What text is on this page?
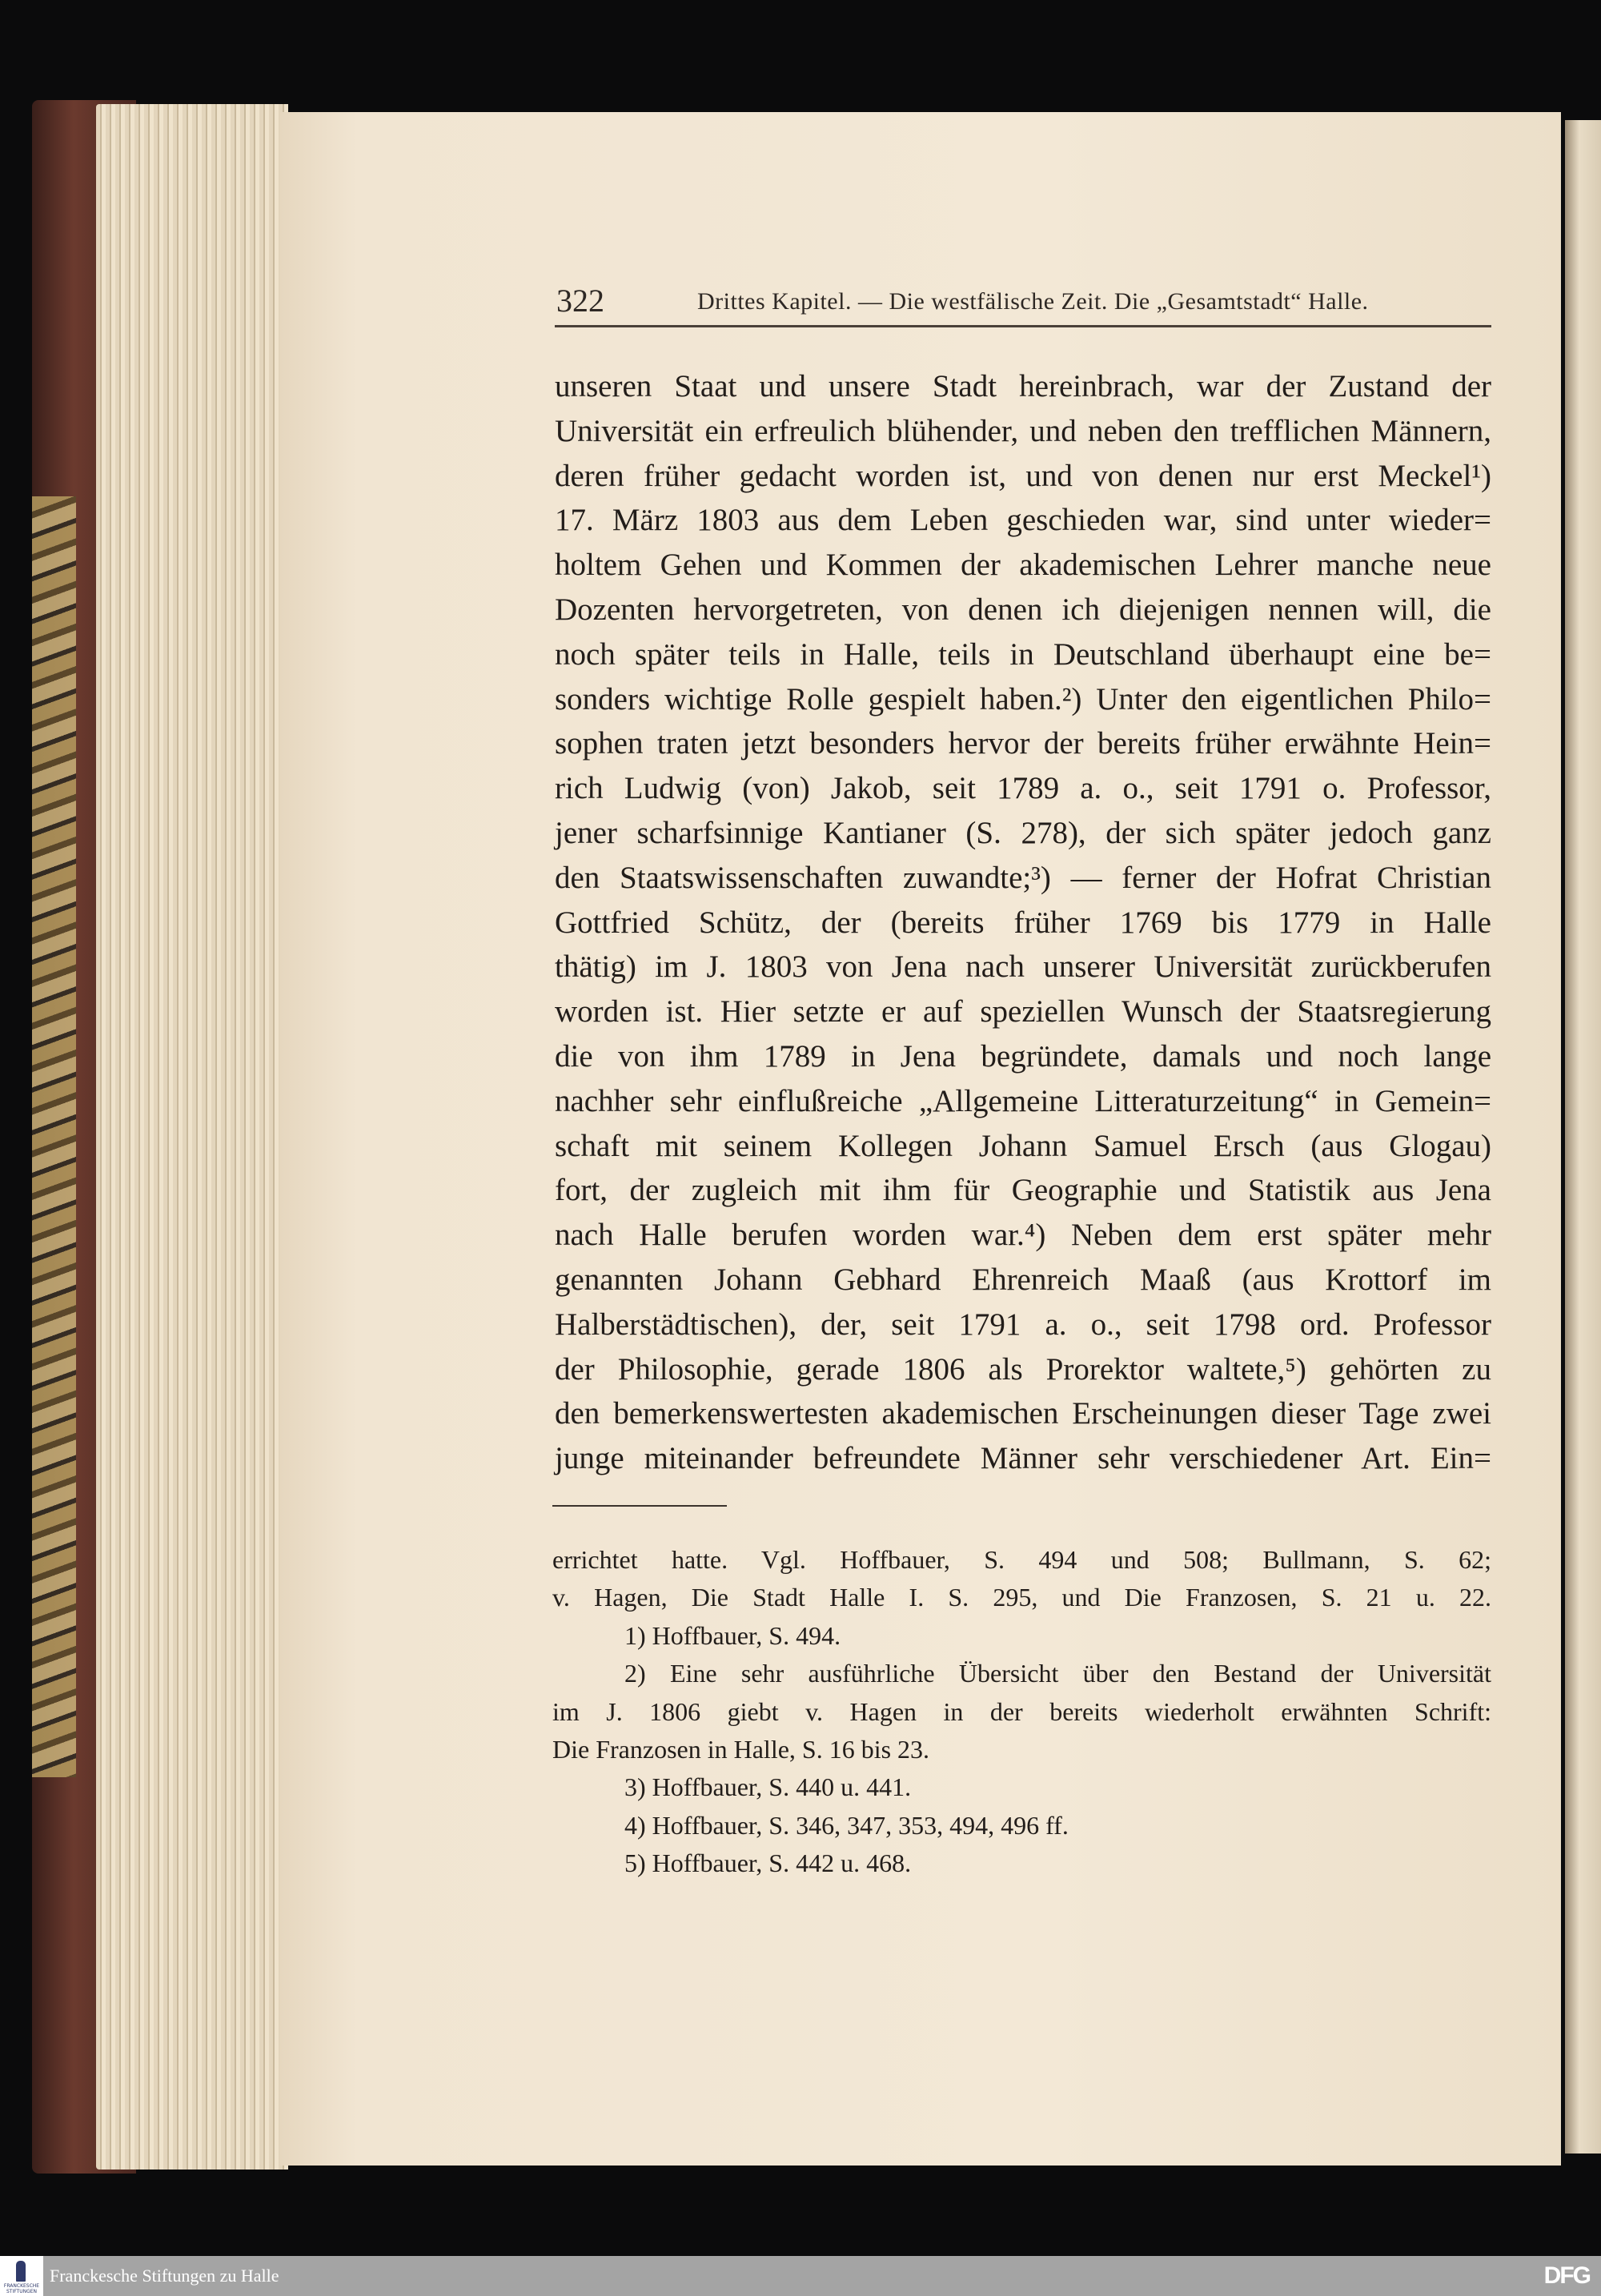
322	Drittes Kapitel. — Die westfälische Zeit. Die „Gesamtstadt“ Halle.
unseren Staat und unsere Stadt hereinbrach, war der Zustand der
Universität ein erfreulich blühender, und neben den trefflichen Männern,
deren früher gedacht worden ist, und von denen nur erst Meckel¹)
17. März 1803 aus dem Leben geschieden war, sind unter wieder=
holtem Gehen und Kommen der akademischen Lehrer manche neue
Dozenten hervorgetreten, von denen ich diejenigen nennen will, die
noch später teils in Halle, teils in Deutschland überhaupt eine be=
sonders wichtige Rolle gespielt haben.²) Unter den eigentlichen Philo=
sophen traten jetzt besonders hervor der bereits früher erwähnte Hein=
rich Ludwig (von) Jakob, seit 1789 a. o., seit 1791 o. Professor,
jener scharfsinnige Kantianer (S. 278), der sich später jedoch ganz
den Staatswissenschaften zuwandte;³) — ferner der Hofrat Christian
Gottfried Schütz, der (bereits früher 1769 bis 1779 in Halle
thätig) im J. 1803 von Jena nach unserer Universität zurückberufen
worden ist. Hier setzte er auf speziellen Wunsch der Staatsregierung
die von ihm 1789 in Jena begründete, damals und noch lange
nachher sehr einflußreiche „Allgemeine Litteraturzeitung“ in Gemein=
schaft mit seinem Kollegen Johann Samuel Ersch (aus Glogau)
fort, der zugleich mit ihm für Geographie und Statistik aus Jena
nach Halle berufen worden war.⁴) Neben dem erst später mehr
genannten Johann Gebhard Ehrenreich Maaß (aus Krottorf im
Halberstädtischen), der, seit 1791 a. o., seit 1798 ord. Professor
der Philosophie, gerade 1806 als Prorektor waltete,⁵) gehörten zu
den bemerkenswertesten akademischen Erscheinungen dieser Tage zwei
junge miteinander befreundete Männer sehr verschiedener Art. Ein=
errichtet hatte. Vgl. Hoffbauer, S. 494 und 508; Bullmann, S. 62;
v. Hagen, Die Stadt Halle I. S. 295, und Die Franzosen, S. 21 u. 22.
1) Hoffbauer, S. 494.
2) Eine sehr ausführliche Übersicht über den Bestand der Universität
im J. 1806 giebt v. Hagen in der bereits wiederholt erwähnten Schrift:
Die Franzosen in Halle, S. 16 bis 23.
3) Hoffbauer, S. 440 u. 441.
4) Hoffbauer, S. 346, 347, 353, 494, 496 ff.
5) Hoffbauer, S. 442 u. 468.
FRANCKESCHE STIFTUNGEN
Franckesche Stiftungen zu Halle	DFG
